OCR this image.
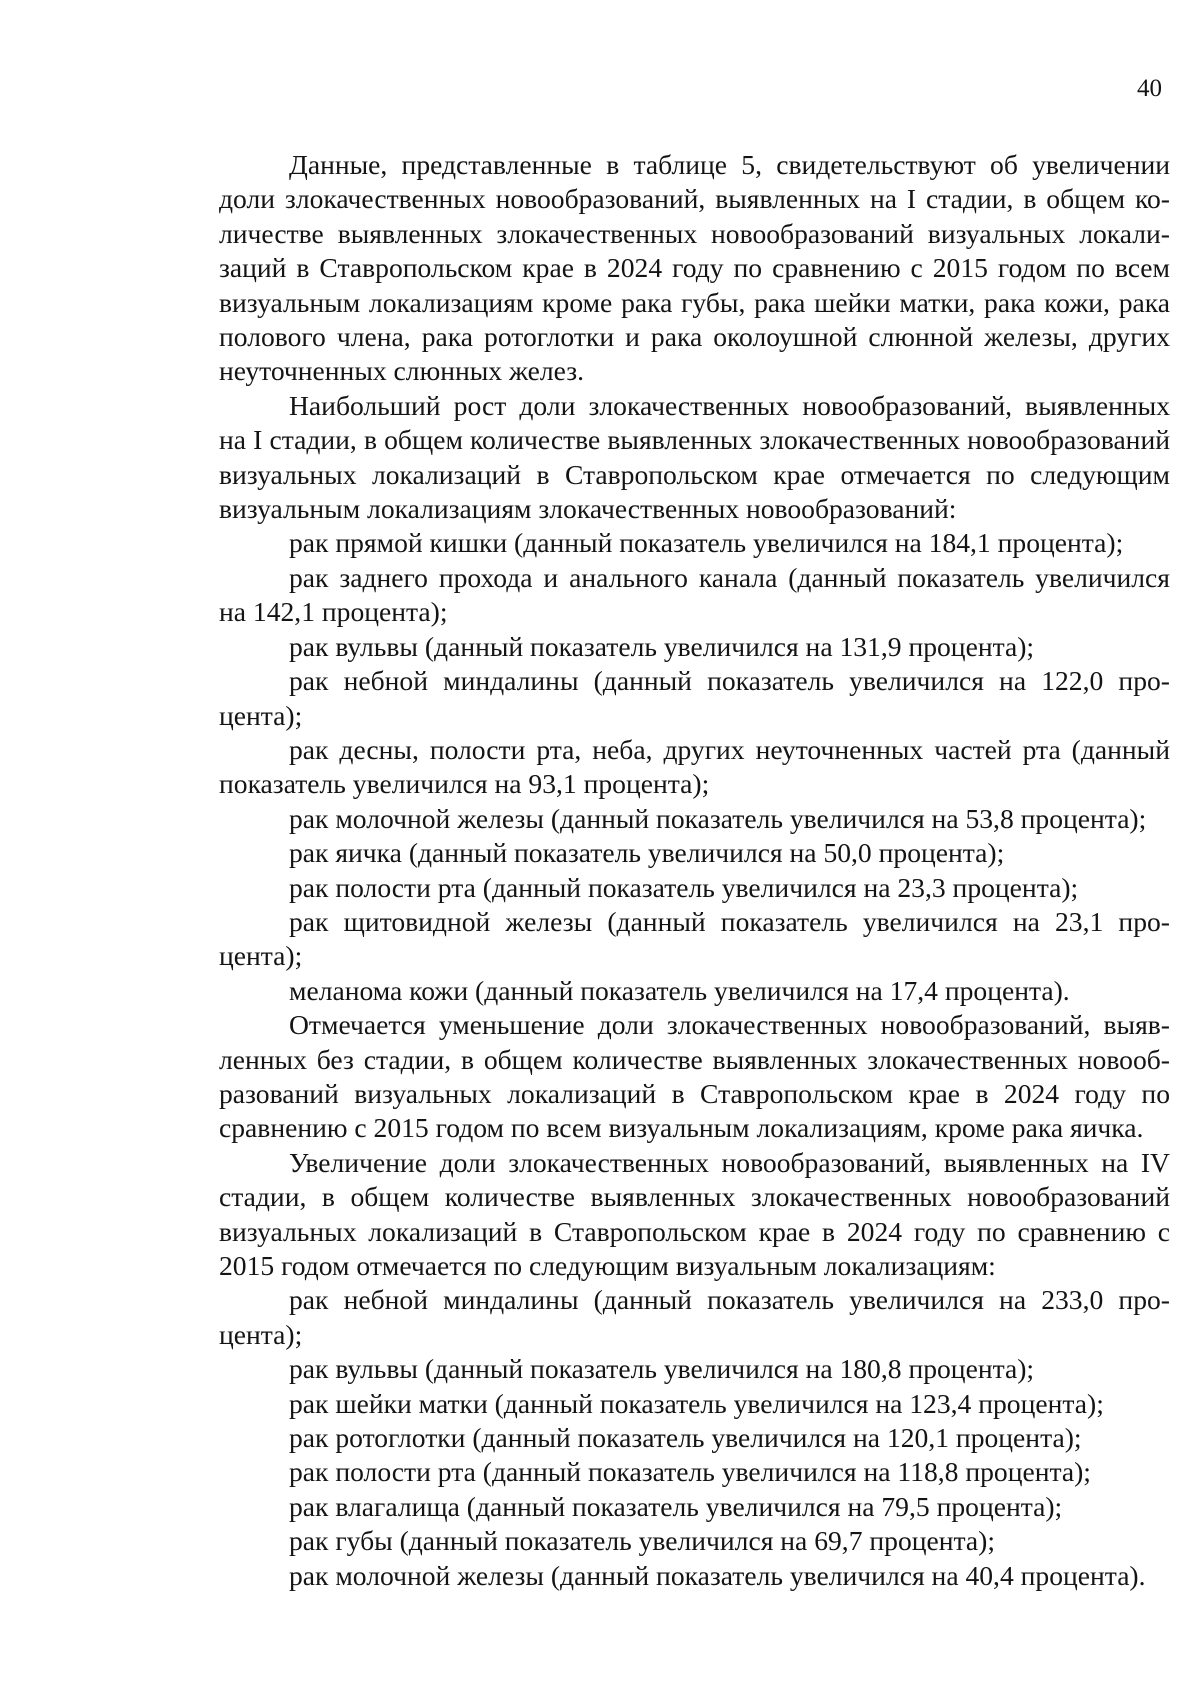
40

Данные, представленные в таблице 5, свидетельствуют об увеличении доли злокачественных новообразований, выявленных на I стадии, в общем количестве выявленных злокачественных новообразований визуальных локализаций в Ставропольском крае в 2024 году по сравнению с 2015 годом по всем визуальным локализациям кроме рака губы, рака шейки матки, рака кожи, рака полового члена, рака ротоглотки и рака околоушной слюнной железы, других неуточненных слюнных желез.

Наибольший рост доли злокачественных новообразований, выявленных на I стадии, в общем количестве выявленных злокачественных новообразований визуальных локализаций в Ставропольском крае отмечается по следующим визуальным локализациям злокачественных новообразований:

рак прямой кишки (данный показатель увеличился на 184,1 процента);

рак заднего прохода и анального канала (данный показатель увеличился на 142,1 процента);

рак вульвы (данный показатель увеличился на 131,9 процента);

рак небной миндалины (данный показатель увеличился на 122,0 процента);

рак десны, полости рта, неба, других неуточненных частей рта (данный показатель увеличился на 93,1 процента);

рак молочной железы (данный показатель увеличился на 53,8 процента);

рак яичка (данный показатель увеличился на 50,0 процента);

рак полости рта (данный показатель увеличился на 23,3 процента);

рак щитовидной железы (данный показатель увеличился на 23,1 процента);

меланома кожи (данный показатель увеличился на 17,4 процента).

Отмечается уменьшение доли злокачественных новообразований, выявленных без стадии, в общем количестве выявленных злокачественных новообразований визуальных локализаций в Ставропольском крае в 2024 году по сравнению с 2015 годом по всем визуальным локализациям, кроме рака яичка.

Увеличение доли злокачественных новообразований, выявленных на IV стадии, в общем количестве выявленных злокачественных новообразований визуальных локализаций в Ставропольском крае в 2024 году по сравнению с 2015 годом отмечается по следующим визуальным локализациям:

рак небной миндалины (данный показатель увеличился на 233,0 процента);

рак вульвы (данный показатель увеличился на 180,8 процента);

рак шейки матки (данный показатель увеличился на 123,4 процента);

рак ротоглотки (данный показатель увеличился на 120,1 процента);

рак полости рта (данный показатель увеличился на 118,8 процента);

рак влагалища (данный показатель увеличился на 79,5 процента);

рак губы (данный показатель увеличился на 69,7 процента);

рак молочной железы (данный показатель увеличился на 40,4 процента).
